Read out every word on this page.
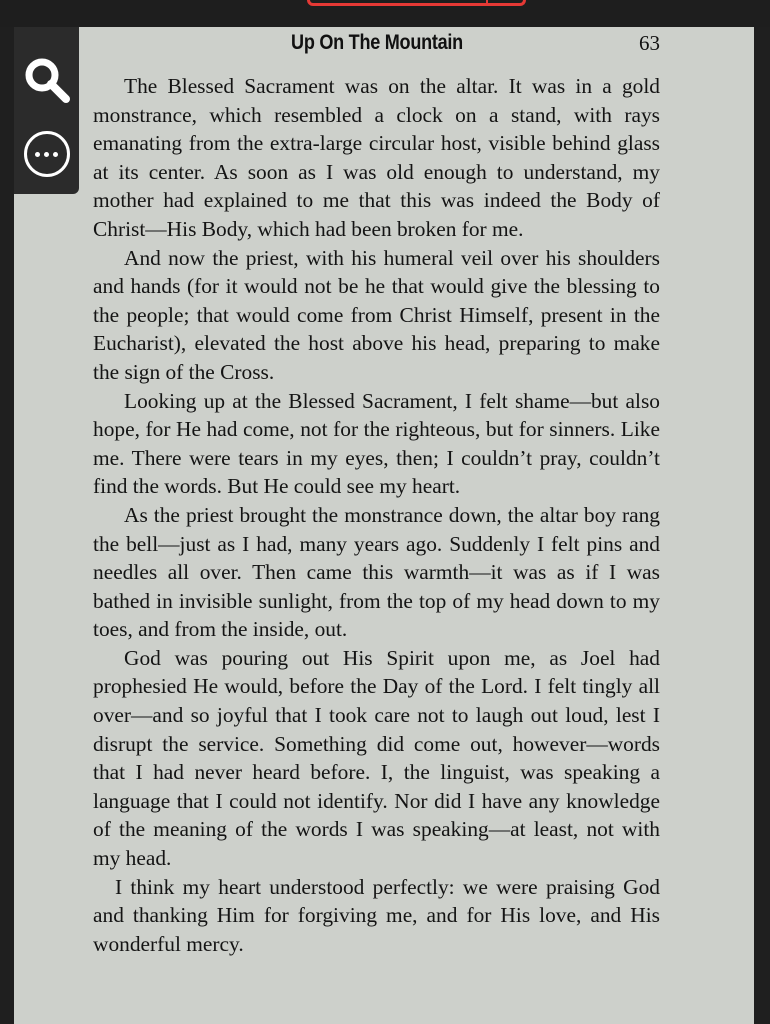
Up On The Mountain	63

The Blessed Sacrament was on the altar. It was in a gold monstrance, which resembled a clock on a stand, with rays emanating from the extra-large circular host, visible behind glass at its center. As soon as I was old enough to understand, my mother had explained to me that this was indeed the Body of Christ—His Body, which had been broken for me.

And now the priest, with his humeral veil over his shoulders and hands (for it would not be he that would give the blessing to the people; that would come from Christ Himself, present in the Eucharist), elevated the host above his head, preparing to make the sign of the Cross.

Looking up at the Blessed Sacrament, I felt shame—but also hope, for He had come, not for the righteous, but for sinners. Like me. There were tears in my eyes, then; I couldn’t pray, couldn’t find the words. But He could see my heart.

As the priest brought the monstrance down, the altar boy rang the bell—just as I had, many years ago. Suddenly I felt pins and needles all over. Then came this warmth—it was as if I was bathed in invisible sunlight, from the top of my head down to my toes, and from the inside, out.

God was pouring out His Spirit upon me, as Joel had prophesied He would, before the Day of the Lord. I felt tingly all over—and so joyful that I took care not to laugh out loud, lest I disrupt the service. Something did come out, however—words that I had never heard before. I, the linguist, was speaking a language that I could not identify. Nor did I have any knowledge of the meaning of the words I was speaking—at least, not with my head.

I think my heart understood perfectly: we were praising God and thanking Him for forgiving me, and for His love, and His wonderful mercy.
